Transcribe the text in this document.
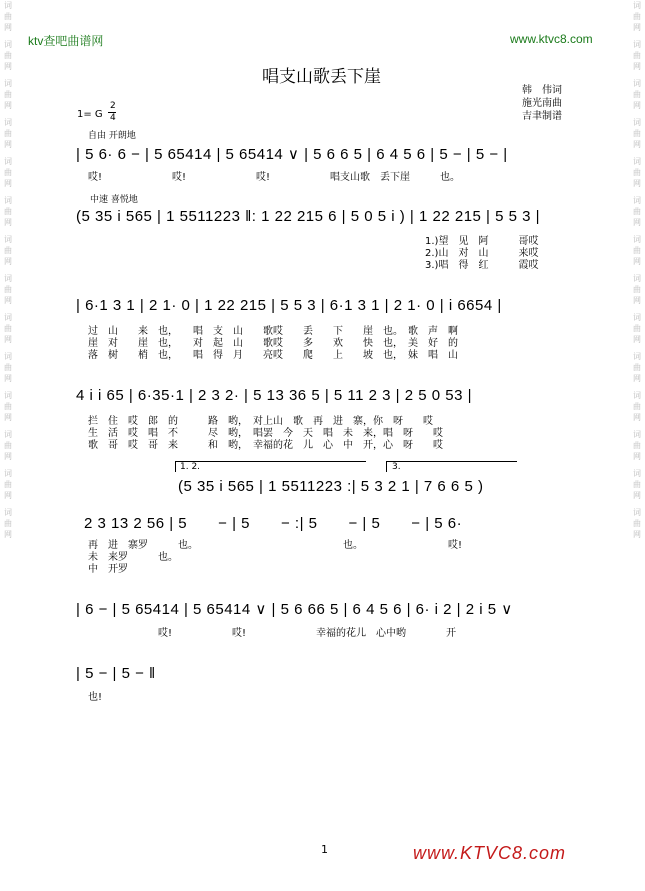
词
曲
网
词
曲
网
词
曲
网
词
曲
网
词
曲
网
词
曲
网
词
曲
网
词
曲
网
词
曲
网
词
曲
网
词
曲
网
词
曲
网
词
曲
网
词
曲
网
词
曲
网
词
曲
网
词
曲
网
词
曲
网
词
曲
网
词
曲
网
词
曲
网
词
曲
网
词
曲
网
词
曲
网
词
曲
网
词
曲
网
词
曲
网
词
曲
网
ktv查吧曲谱网	www.ktvc8.com
唱支山歌丢下崖
韩　伟词
施光南曲
吉聿制谱
1= G
2
4
自由 开朗地
| 5 6· 6 − | 5 65414 | 5 65414 ∨ | 5 6 6 5 | 6 4 5 6 | 5 − | 5 − |
哎!　　　　　　　哎!　　　　　　　哎!　　　　　　唱支山歌　丢下崖　　　也。
中速 喜悦地
(5 35 i 565 | 1 5511223 ‖: 1 22 215 6 | 5 0 5 i ) | 1 22 215 | 5 5 3 |
1.)望　见　阿　　　哥哎
2.)山　对　山　　　来哎
3.)唱　得　红　　　霞哎
| 6·1 3 1 | 2 1· 0 | 1 22 215 | 5 5 3 | 6·1 3 1 | 2 1· 0 | i 6654 |
过　山　　来　也，　　唱　支　山　　歌哎　　丢　　下　　崖　也。　歌　声　啊
崖　对　　崖　也，　　对　起　山　　歌哎　　多　　欢　　快　也，　美　好　的
落　树　　梢　也，　　唱　得　月　　亮哎　　爬　　上　　坡　也，　妹　唱　山
4 i i 65 | 6·35·1 | 2 3 2· | 5 13 36 5 | 5 11 2 3 | 2 5 0 53 |
拦　住　哎　郎　的　　　路　哟，　对上山　歌　再　进　寨，你　呀　　哎
生　活　哎　唱　不　　　尽　哟，　唱罢　今　天　唱　未　来，唱　呀　　哎
歌　哥　哎　哥　来　　　和　哟，　幸福的花　儿　心　中　开，心　呀　　哎
1. 2.	3.
(5 35 i 565 | 1 5511223 :| 5 3 2 1 | 7 6 6 5 )
2 3 13 2 56 | 5　　− | 5　　− :| 5　　− | 5　　− | 5 6·
再　进　寨罗　　　也。　　　　　　　　　　　　　　　也。　　　　　　　　　哎!
未　来罗　　　也。
中　开罗
| 6 − | 5 65414 | 5 65414 ∨ | 5 6 66 5 | 6 4 5 6 | 6· i 2 | 2 i 5 ∨
　　　　　　　哎!　　　　　　哎!　　　　　　　幸福的花儿　心中哟　　　　开
| 5 − | 5 − ‖
也!
1	www.KTVC8.com
